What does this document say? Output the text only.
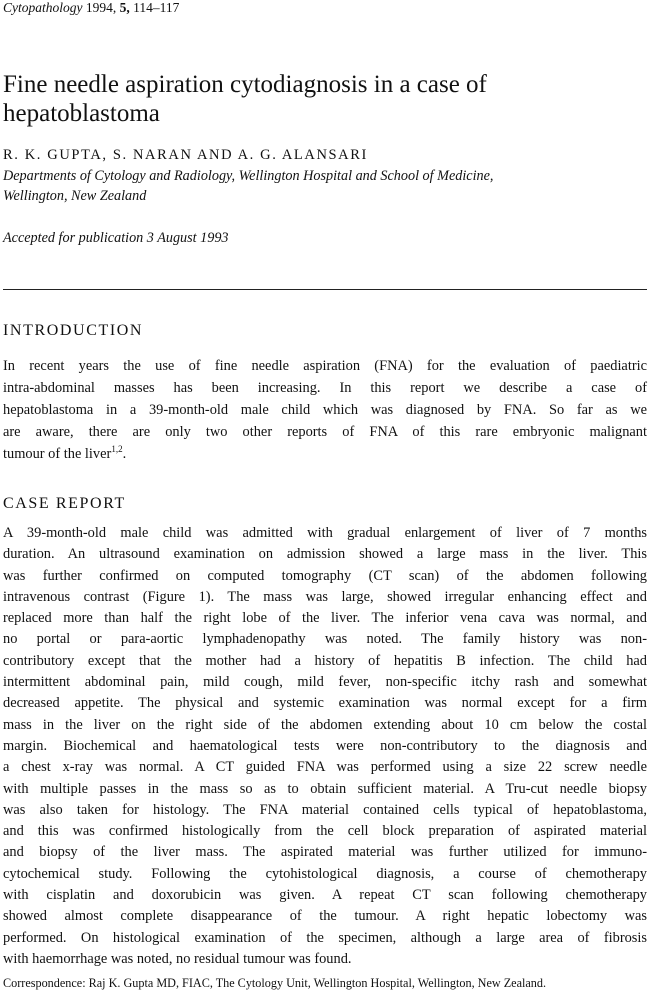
Cytopathology 1994, 5, 114–117
Fine needle aspiration cytodiagnosis in a case of
hepatoblastoma
R. K. GUPTA, S. NARAN AND A. G. ALANSARI
Departments of Cytology and Radiology, Wellington Hospital and School of Medicine,
Wellington, New Zealand
Accepted for publication 3 August 1993
INTRODUCTION
In recent years the use of fine needle aspiration (FNA) for the evaluation of paediatric
intra-abdominal masses has been increasing. In this report we describe a case of
hepatoblastoma in a 39-month-old male child which was diagnosed by FNA. So far as we
are aware, there are only two other reports of FNA of this rare embryonic malignant
tumour of the liver$^{1,2}$.
CASE REPORT
A 39-month-old male child was admitted with gradual enlargement of liver of 7 months
duration. An ultrasound examination on admission showed a large mass in the liver. This
was further confirmed on computed tomography (CT scan) of the abdomen following
intravenous contrast (Figure 1). The mass was large, showed irregular enhancing effect and
replaced more than half the right lobe of the liver. The inferior vena cava was normal, and
no portal or para-aortic lymphadenopathy was noted. The family history was non-
contributory except that the mother had a history of hepatitis B infection. The child had
intermittent abdominal pain, mild cough, mild fever, non-specific itchy rash and somewhat
decreased appetite. The physical and systemic examination was normal except for a firm
mass in the liver on the right side of the abdomen extending about 10 cm below the costal
margin. Biochemical and haematological tests were non-contributory to the diagnosis and
a chest x-ray was normal. A CT guided FNA was performed using a size 22 screw needle
with multiple passes in the mass so as to obtain sufficient material. A Tru-cut needle biopsy
was also taken for histology. The FNA material contained cells typical of hepatoblastoma,
and this was confirmed histologically from the cell block preparation of aspirated material
and biopsy of the liver mass. The aspirated material was further utilized for immuno-
cytochemical study. Following the cytohistological diagnosis, a course of chemotherapy
with cisplatin and doxorubicin was given. A repeat CT scan following chemotherapy
showed almost complete disappearance of the tumour. A right hepatic lobectomy was
performed. On histological examination of the specimen, although a large area of fibrosis
with haemorrhage was noted, no residual tumour was found.
Correspondence: Raj K. Gupta MD, FIAC, The Cytology Unit, Wellington Hospital, Wellington, New Zealand.
